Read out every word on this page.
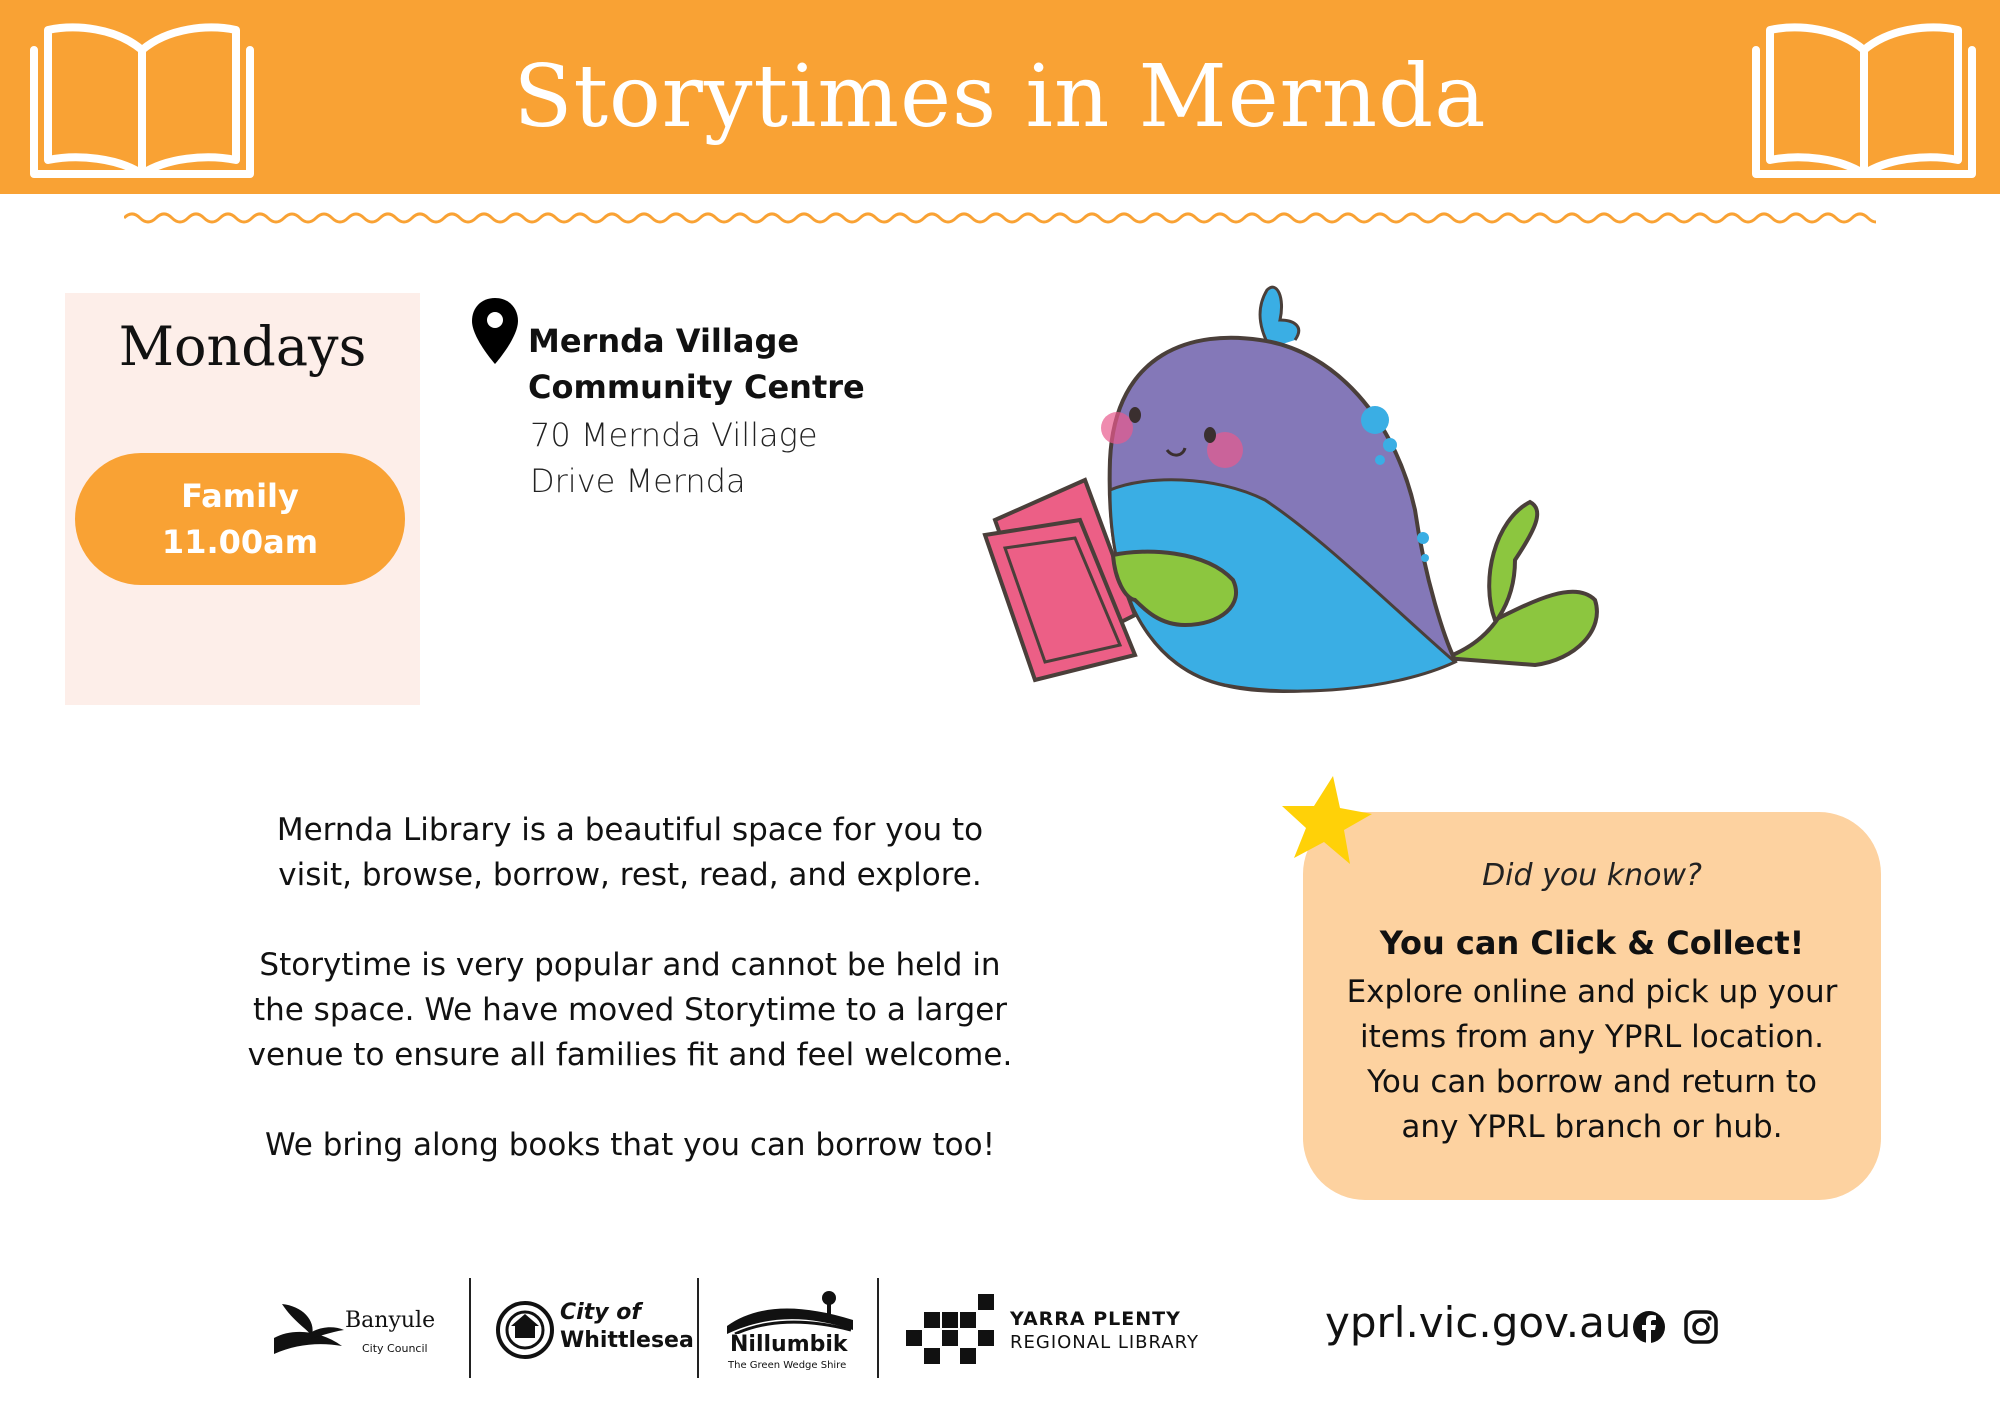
Storytimes in Mernda
Mondays
Family
11.00am
Mernda Village
Community Centre
70 Mernda Village
Drive Mernda

Mernda Library is a beautiful space for you to
visit, browse, borrow, rest, read, and explore.

Storytime is very popular and cannot be held in
the space. We have moved Storytime to a larger
venue to ensure all families fit and feel welcome.

We bring along books that you can borrow too!

Did you know?
You can Click & Collect!
Explore online and pick up your
items from any YPRL location.
You can borrow and return to
any YPRL branch or hub.
Banyule
City Council
City of
Whittlesea Nillumbik
The Green Wedge Shire
YARRA PLENTY
REGIONAL LIBRARY	yprl.vic.gov.au
